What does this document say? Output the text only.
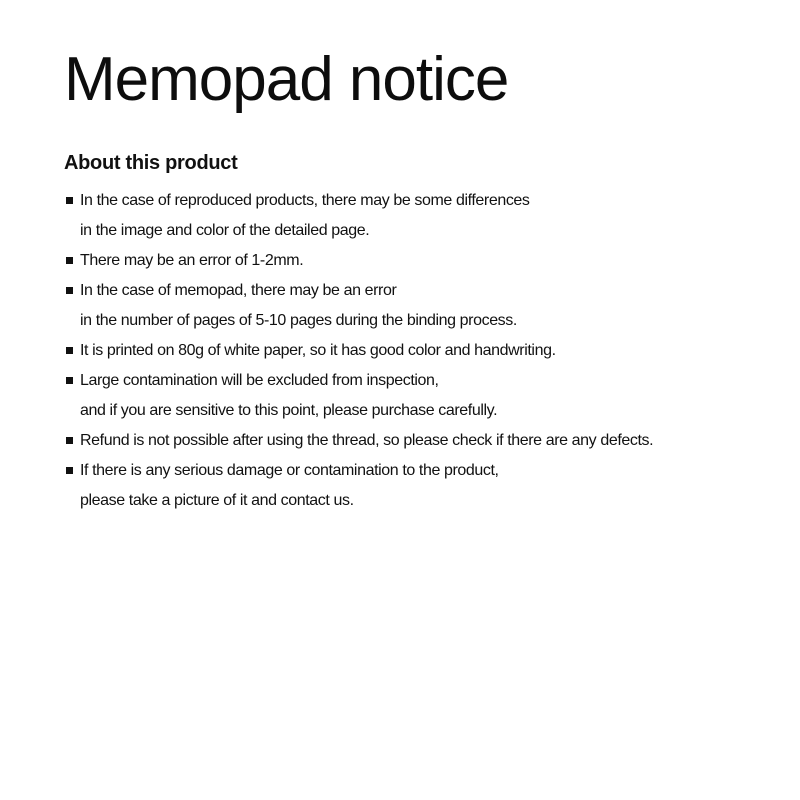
Memopad notice
About this product
In the case of reproduced products, there may be some differences
in the image and color of the detailed page.
There may be an error of 1-2mm.
In the case of memopad, there may be an error
in the number of pages of 5-10 pages during the binding process.
It is printed on 80g of white paper, so it has good color and handwriting.
Large contamination will be excluded from inspection,
and if you are sensitive to this point, please purchase carefully.
Refund is not possible after using the thread, so please check if there are any defects.
If there is any serious damage or contamination to the product,
please take a picture of it and contact us.
